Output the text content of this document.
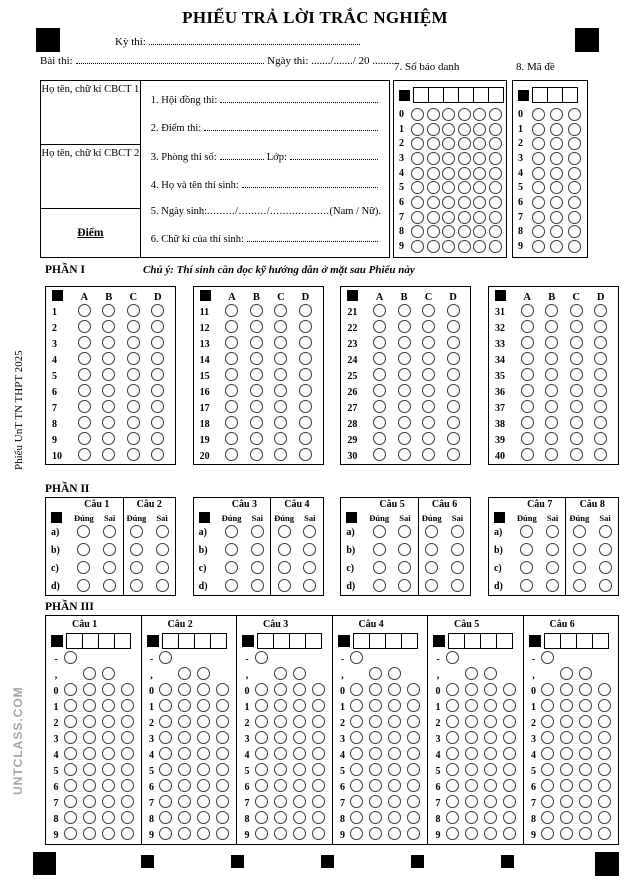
PHIẾU TRẢ LỜI TRẮC NGHIỆM
Phiếu UnT TN THPT 2025
UNTCLASS.COM
Kỳ thi:
Bài thi:	Ngày thi: ......./......./ 20 .........
7. Số báo danh	8. Mã đề
Họ tên, chữ kí CBCT 1
Họ tên, chữ kí CBCT 2
Điểm
1. Hội đồng thi:
2. Điểm thi:
3. Phòng thi số:	Lớp:
4. Họ và tên thí sinh:
5. Ngày sinh: ........./........./................... (Nam / Nữ).
6. Chữ kí của thí sinh:
0
1
2
3
4
5
6
7
8
9
0
1
2
3
4
5
6
7
8
9
PHẦN I	Chú ý: Thí sinh cần đọc kỹ hướng dẫn ở mặt sau Phiếu này
A	B	C	D
1
2
3
4
5
6
7
8
9
10
A	B	C	D
11
12
13
14
15
16
17
18
19
20
A	B	C	D
21
22
23
24
25
26
27
28
29
30
A	B	C	D
31
32
33
34
35
36
37
38
39
40
PHẦN II
a)
b)
c)
d)
Câu 1
Đúng	Sai
Câu 2
Đúng	Sai
a)
b)
c)
d)
Câu 3
Đúng	Sai
Câu 4
Đúng	Sai
a)
b)
c)
d)
Câu 5
Đúng	Sai
Câu 6
Đúng	Sai
a)
b)
c)
d)
Câu 7
Đúng	Sai
Câu 8
Đúng	Sai
PHẦN III
Câu 1
-
,
0
1
2
3
4
5
6
7
8
9
Câu 2
-
,
0
1
2
3
4
5
6
7
8
9
Câu 3
-
,
0
1
2
3
4
5
6
7
8
9
Câu 4
-
,
0
1
2
3
4
5
6
7
8
9
Câu 5
-
,
0
1
2
3
4
5
6
7
8
9
Câu 6
-
,
0
1
2
3
4
5
6
7
8
9
